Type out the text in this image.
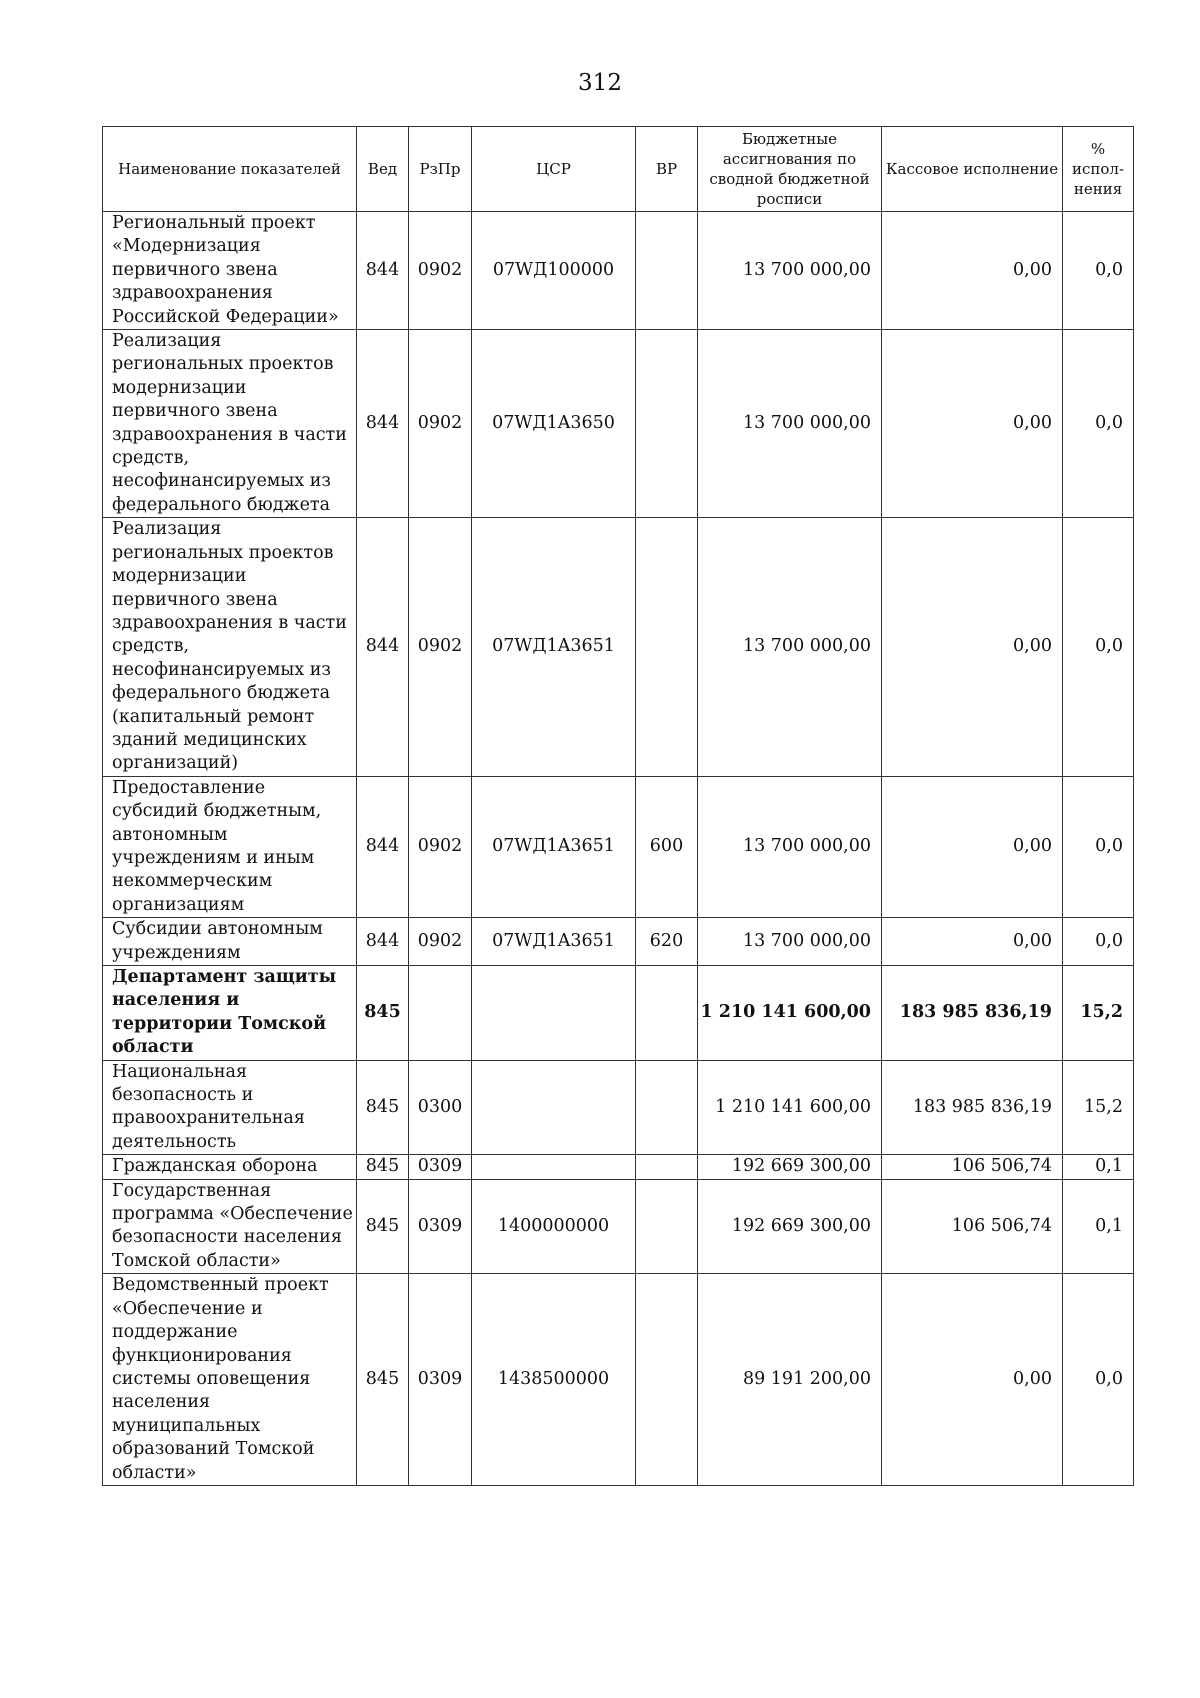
312
Наименование показателей	Вед	РзПр	ЦСР	ВР	Бюджетные ассигнования по сводной бюджетной росписи	Кассовое исполнение	% испол-нения
Региональный проект «Модернизация первичного звена здравоохранения Российской Федерации»	844	0902	07WД100000		13 700 000,00	0,00	0,0
Реализация региональных проектов модернизации первичного звена здравоохранения в части средств, несофинансируемых из федерального бюджета	844	0902	07WД1A3650		13 700 000,00	0,00	0,0
Реализация региональных проектов модернизации первичного звена здравоохранения в части средств, несофинансируемых из федерального бюджета (капитальный ремонт зданий медицинских организаций)	844	0902	07WД1A3651		13 700 000,00	0,00	0,0
Предоставление субсидий бюджетным, автономным учреждениям и иным некоммерческим организациям	844	0902	07WД1A3651	600	13 700 000,00	0,00	0,0
Субсидии автономным учреждениям	844	0902	07WД1A3651	620	13 700 000,00	0,00	0,0
Департамент защиты населения и территории Томской области	845				1 210 141 600,00	183 985 836,19	15,2
Национальная безопасность и правоохранительная деятельность	845	0300			1 210 141 600,00	183 985 836,19	15,2
Гражданская оборона	845	0309			192 669 300,00	106 506,74	0,1
Государственная программа «Обеспечение безопасности населения Томской области»	845	0309	1400000000		192 669 300,00	106 506,74	0,1
Ведомственный проект «Обеспечение и поддержание функционирования системы оповещения населения муниципальных образований Томской области»	845	0309	1438500000		89 191 200,00	0,00	0,0
